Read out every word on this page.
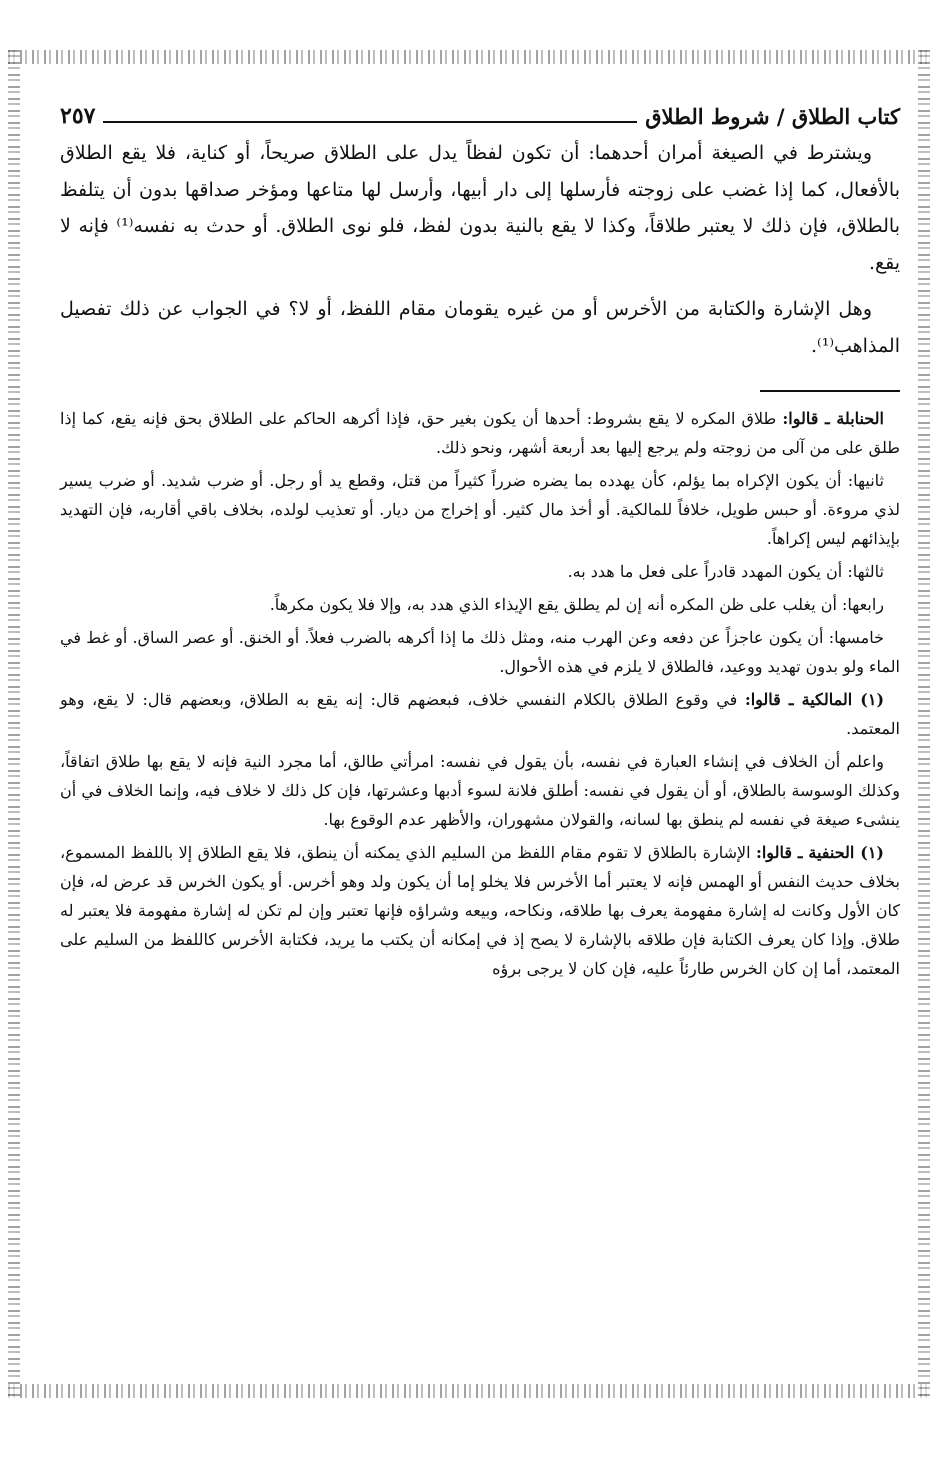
كتاب الطلاق / شروط الطلاق
٢٥٧

ويشترط في الصيغة أمران أحدهما: أن تكون لفظاً يدل على الطلاق صريحاً، أو كناية، فلا يقع الطلاق بالأفعال، كما إذا غضب على زوجته فأرسلها إلى دار أبيها، وأرسل لها متاعها ومؤخر صداقها بدون أن يتلفظ بالطلاق، فإن ذلك لا يعتبر طلاقاً، وكذا لا يقع بالنية بدون لفظ، فلو نوى الطلاق. أو حدث به نفسه⁽¹⁾ فإنه لا يقع.

وهل الإشارة والكتابة من الأخرس أو من غيره يقومان مقام اللفظ، أو لا؟ في الجواب عن ذلك تفصيل المذاهب⁽¹⁾.

الحنابلة ـ قالوا: طلاق المكره لا يقع بشروط: أحدها أن يكون بغير حق، فإذا أكرهه الحاكم على الطلاق بحق فإنه يقع، كما إذا طلق على من آلى من زوجته ولم يرجع إليها بعد أربعة أشهر، ونحو ذلك.

ثانيها: أن يكون الإكراه بما يؤلم، كأن يهدده بما يضره ضرراً كثيراً من قتل، وقطع يد أو رجل. أو ضرب شديد. أو ضرب يسير لذي مروءة. أو حبس طويل، خلافاً للمالكية. أو أخذ مال كثير. أو إخراج من ديار. أو تعذيب لولده، بخلاف باقي أقاربه، فإن التهديد بإيذائهم ليس إكراهاً.

ثالثها: أن يكون المهدد قادراً على فعل ما هدد به.

رابعها: أن يغلب على ظن المكره أنه إن لم يطلق يقع الإيذاء الذي هدد به، وإلا فلا يكون مكرهاً.

خامسها: أن يكون عاجزاً عن دفعه وعن الهرب منه، ومثل ذلك ما إذا أكرهه بالضرب فعلاً. أو الخنق. أو عصر الساق. أو غط في الماء ولو بدون تهديد ووعيد، فالطلاق لا يلزم في هذه الأحوال.

(١) المالكية ـ قالوا: في وقوع الطلاق بالكلام النفسي خلاف، فبعضهم قال: إنه يقع به الطلاق، وبعضهم قال: لا يقع، وهو المعتمد.

واعلم أن الخلاف في إنشاء العبارة في نفسه، بأن يقول في نفسه: امرأتي طالق، أما مجرد النية فإنه لا يقع بها طلاق اتفاقاً، وكذلك الوسوسة بالطلاق، أو أن يقول في نفسه: أطلق فلانة لسوء أدبها وعشرتها، فإن كل ذلك لا خلاف فيه، وإنما الخلاف في أن ينشىء صيغة في نفسه لم ينطق بها لسانه، والقولان مشهوران، والأظهر عدم الوقوع بها.

(١) الحنفية ـ قالوا: الإشارة بالطلاق لا تقوم مقام اللفظ من السليم الذي يمكنه أن ينطق، فلا يقع الطلاق إلا باللفظ المسموع، بخلاف حديث النفس أو الهمس فإنه لا يعتبر أما الأخرس فلا يخلو إما أن يكون ولد وهو أخرس. أو يكون الخرس قد عرض له، فإن كان الأول وكانت له إشارة مفهومة يعرف بها طلاقه، ونكاحه، وبيعه وشراؤه فإنها تعتبر وإن لم تكن له إشارة مفهومة فلا يعتبر له طلاق. وإذا كان يعرف الكتابة فإن طلاقه بالإشارة لا يصح إذ في إمكانه أن يكتب ما يريد، فكتابة الأخرس كاللفظ من السليم على المعتمد، أما إن كان الخرس طارئاً عليه، فإن كان لا يرجى برؤه
